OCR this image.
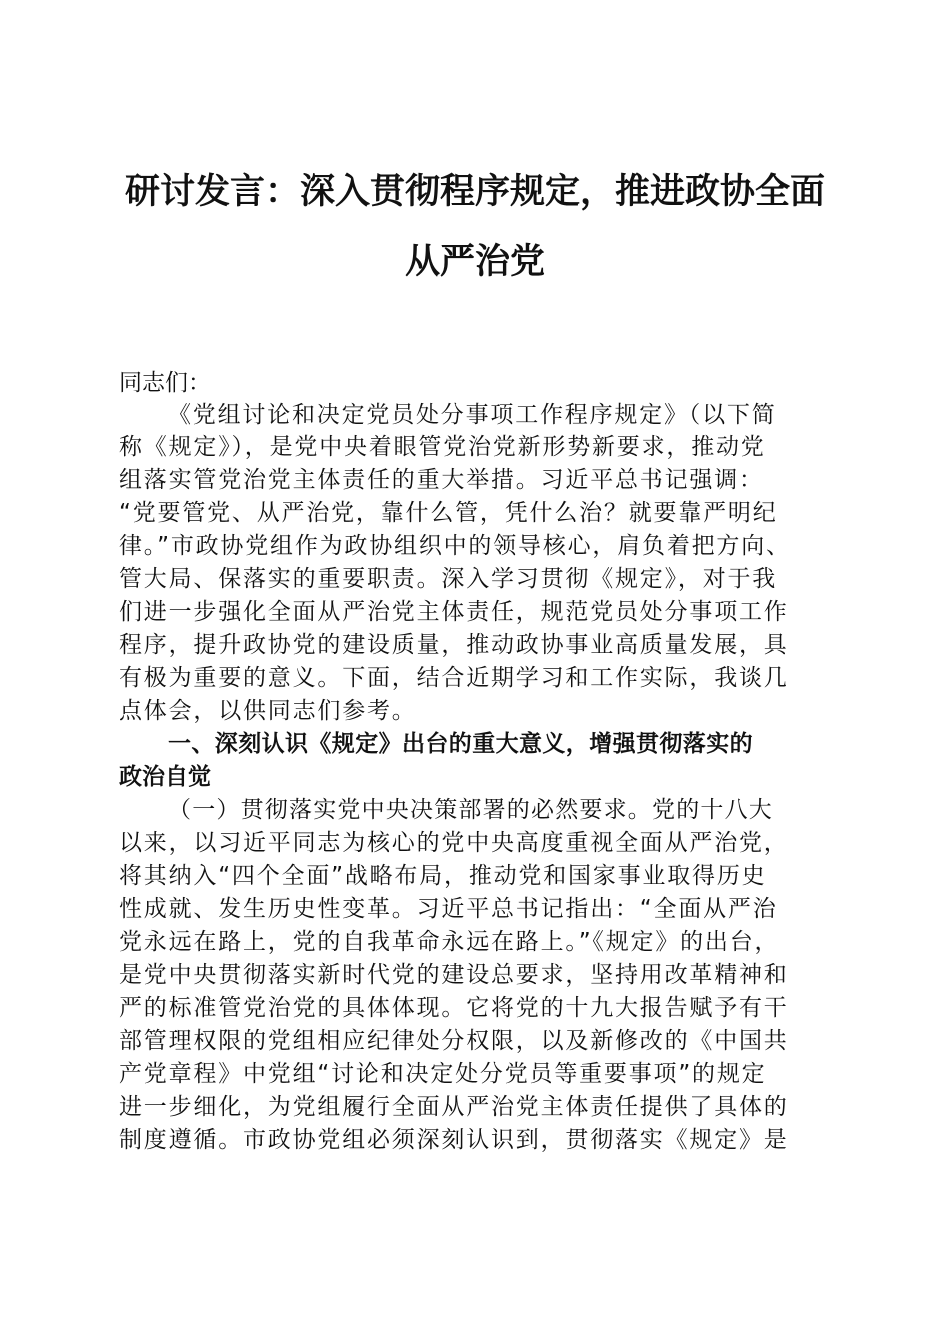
研讨发言：深入贯彻程序规定，推进政协全面
从严治党
同志们：
《党组讨论和决定党员处分事项工作程序规定》（以下简
称《规定》），是党中央着眼管党治党新形势新要求，推动党
组落实管党治党主体责任的重大举措。习近平总书记强调：
“党要管党、从严治党，靠什么管，凭什么治？就要靠严明纪
律。”市政协党组作为政协组织中的领导核心，肩负着把方向、
管大局、保落实的重要职责。深入学习贯彻《规定》，对于我
们进一步强化全面从严治党主体责任，规范党员处分事项工作
程序，提升政协党的建设质量，推动政协事业高质量发展，具
有极为重要的意义。下面，结合近期学习和工作实际，我谈几
点体会，以供同志们参考。
一、深刻认识《规定》出台的重大意义，增强贯彻落实的
政治自觉
（一）贯彻落实党中央决策部署的必然要求。党的十八大
以来，以习近平同志为核心的党中央高度重视全面从严治党，
将其纳入“四个全面”战略布局，推动党和国家事业取得历史
性成就、发生历史性变革。习近平总书记指出：“全面从严治
党永远在路上，党的自我革命永远在路上。”《规定》的出台，
是党中央贯彻落实新时代党的建设总要求，坚持用改革精神和
严的标准管党治党的具体体现。它将党的十九大报告赋予有干
部管理权限的党组相应纪律处分权限，以及新修改的《中国共
产党章程》中党组“讨论和决定处分党员等重要事项”的规定
进一步细化，为党组履行全面从严治党主体责任提供了具体的
制度遵循。市政协党组必须深刻认识到，贯彻落实《规定》是
